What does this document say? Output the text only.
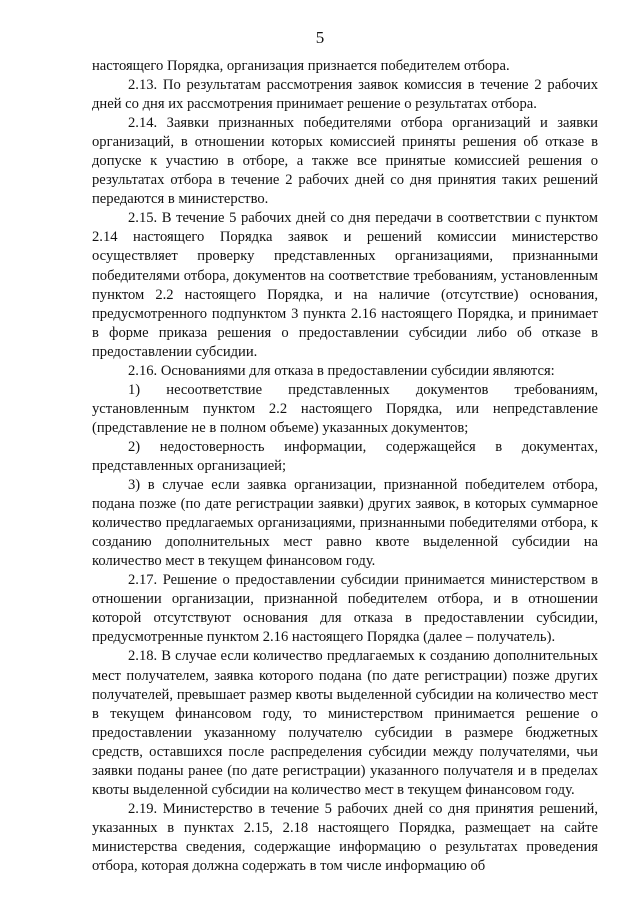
5

настоящего Порядка, организация признается победителем отбора.

2.13. По результатам рассмотрения заявок комиссия в течение 2 рабочих дней со дня их рассмотрения принимает решение о результатах отбора.

2.14. Заявки признанных победителями отбора организаций и заявки организаций, в отношении которых комиссией приняты решения об отказе в допуске к участию в отборе, а также все принятые комиссией решения о результатах отбора в течение 2 рабочих дней со дня принятия таких решений передаются в министерство.

2.15. В течение 5 рабочих дней со дня передачи в соответствии с пунктом 2.14 настоящего Порядка заявок и решений комиссии министерство осуществляет проверку представленных организациями, признанными победителями отбора, документов на соответствие требованиям, установленным пунктом 2.2 настоящего Порядка, и на наличие (отсутствие) основания, предусмотренного подпунктом 3 пункта 2.16 настоящего Порядка, и принимает в форме приказа решения о предоставлении субсидии либо об отказе в предоставлении субсидии.

2.16. Основаниями для отказа в предоставлении субсидии являются:

1) несоответствие представленных документов требованиям, установленным пунктом 2.2 настоящего Порядка, или непредставление (представление не в полном объеме) указанных документов;

2) недостоверность информации, содержащейся в документах, представленных организацией;

3) в случае если заявка организации, признанной победителем отбора, подана позже (по дате регистрации заявки) других заявок, в которых суммарное количество предлагаемых организациями, признанными победителями отбора, к созданию дополнительных мест равно квоте выделенной субсидии на количество мест в текущем финансовом году.

2.17. Решение о предоставлении субсидии принимается министерством в отношении организации, признанной победителем отбора, и в отношении которой отсутствуют основания для отказа в предоставлении субсидии, предусмотренные пунктом 2.16 настоящего Порядка (далее – получатель).

2.18. В случае если количество предлагаемых к созданию дополнительных мест получателем, заявка которого подана (по дате регистрации) позже других получателей, превышает размер квоты выделенной субсидии на количество мест в текущем финансовом году, то министерством принимается решение о предоставлении указанному получателю субсидии в размере бюджетных средств, оставшихся после распределения субсидии между получателями, чьи заявки поданы ранее (по дате регистрации) указанного получателя и в пределах квоты выделенной субсидии на количество мест в текущем финансовом году.

2.19. Министерство в течение 5 рабочих дней со дня принятия решений, указанных в пунктах 2.15, 2.18 настоящего Порядка, размещает на сайте министерства сведения, содержащие информацию о результатах проведения отбора, которая должна содержать в том числе информацию об
